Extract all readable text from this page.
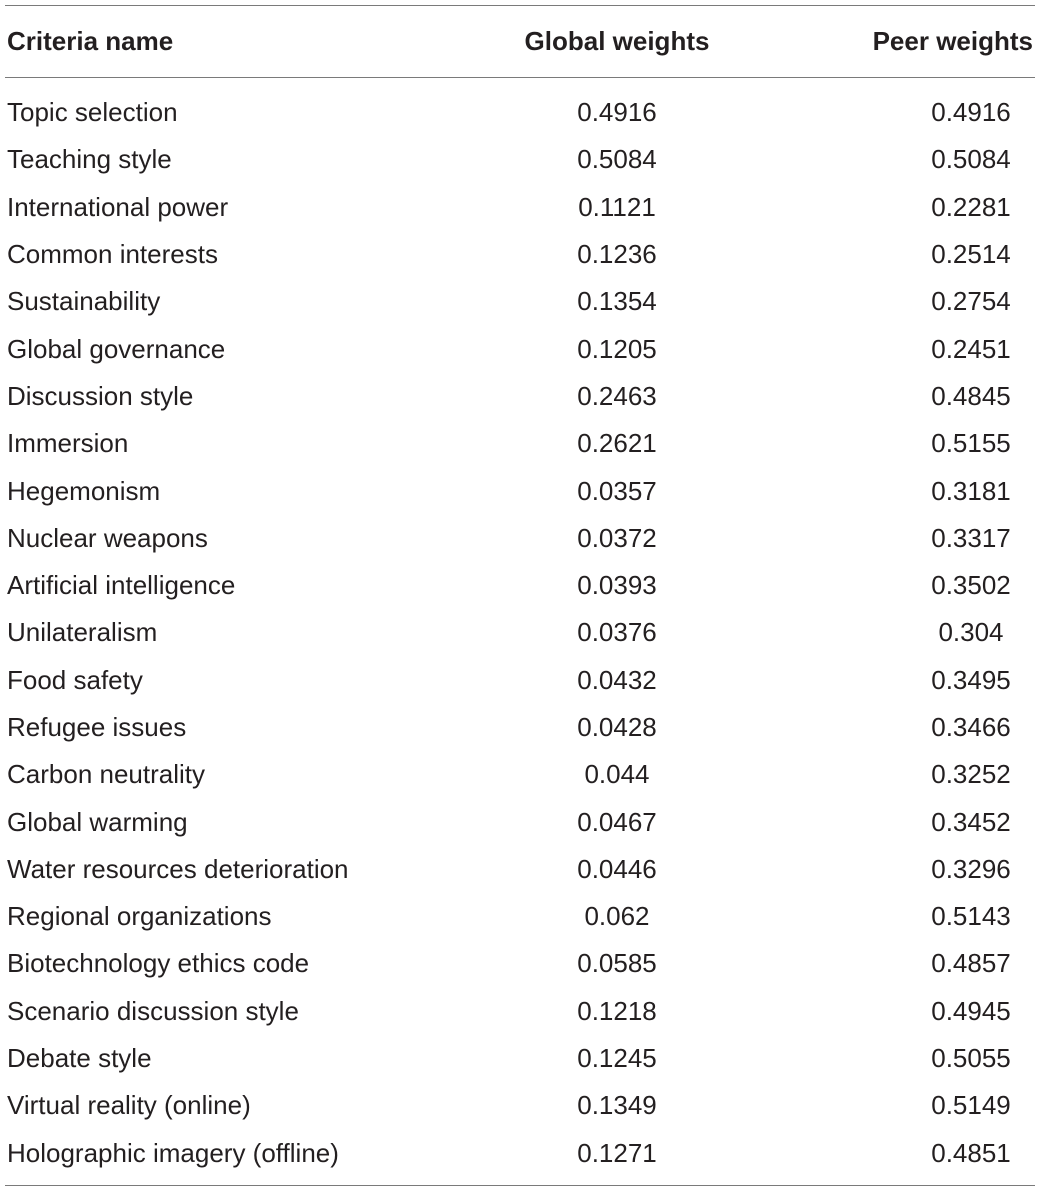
Criteria name	Global weights	Peer weights
Topic selection	0.4916	0.4916
Teaching style	0.5084	0.5084
International power	0.1121	0.2281
Common interests	0.1236	0.2514
Sustainability	0.1354	0.2754
Global governance	0.1205	0.2451
Discussion style	0.2463	0.4845
Immersion	0.2621	0.5155
Hegemonism	0.0357	0.3181
Nuclear weapons	0.0372	0.3317
Artificial intelligence	0.0393	0.3502
Unilateralism	0.0376	0.304
Food safety	0.0432	0.3495
Refugee issues	0.0428	0.3466
Carbon neutrality	0.044	0.3252
Global warming	0.0467	0.3452
Water resources deterioration	0.0446	0.3296
Regional organizations	0.062	0.5143
Biotechnology ethics code	0.0585	0.4857
Scenario discussion style	0.1218	0.4945
Debate style	0.1245	0.5055
Virtual reality (online)	0.1349	0.5149
Holographic imagery (offline)	0.1271	0.4851
